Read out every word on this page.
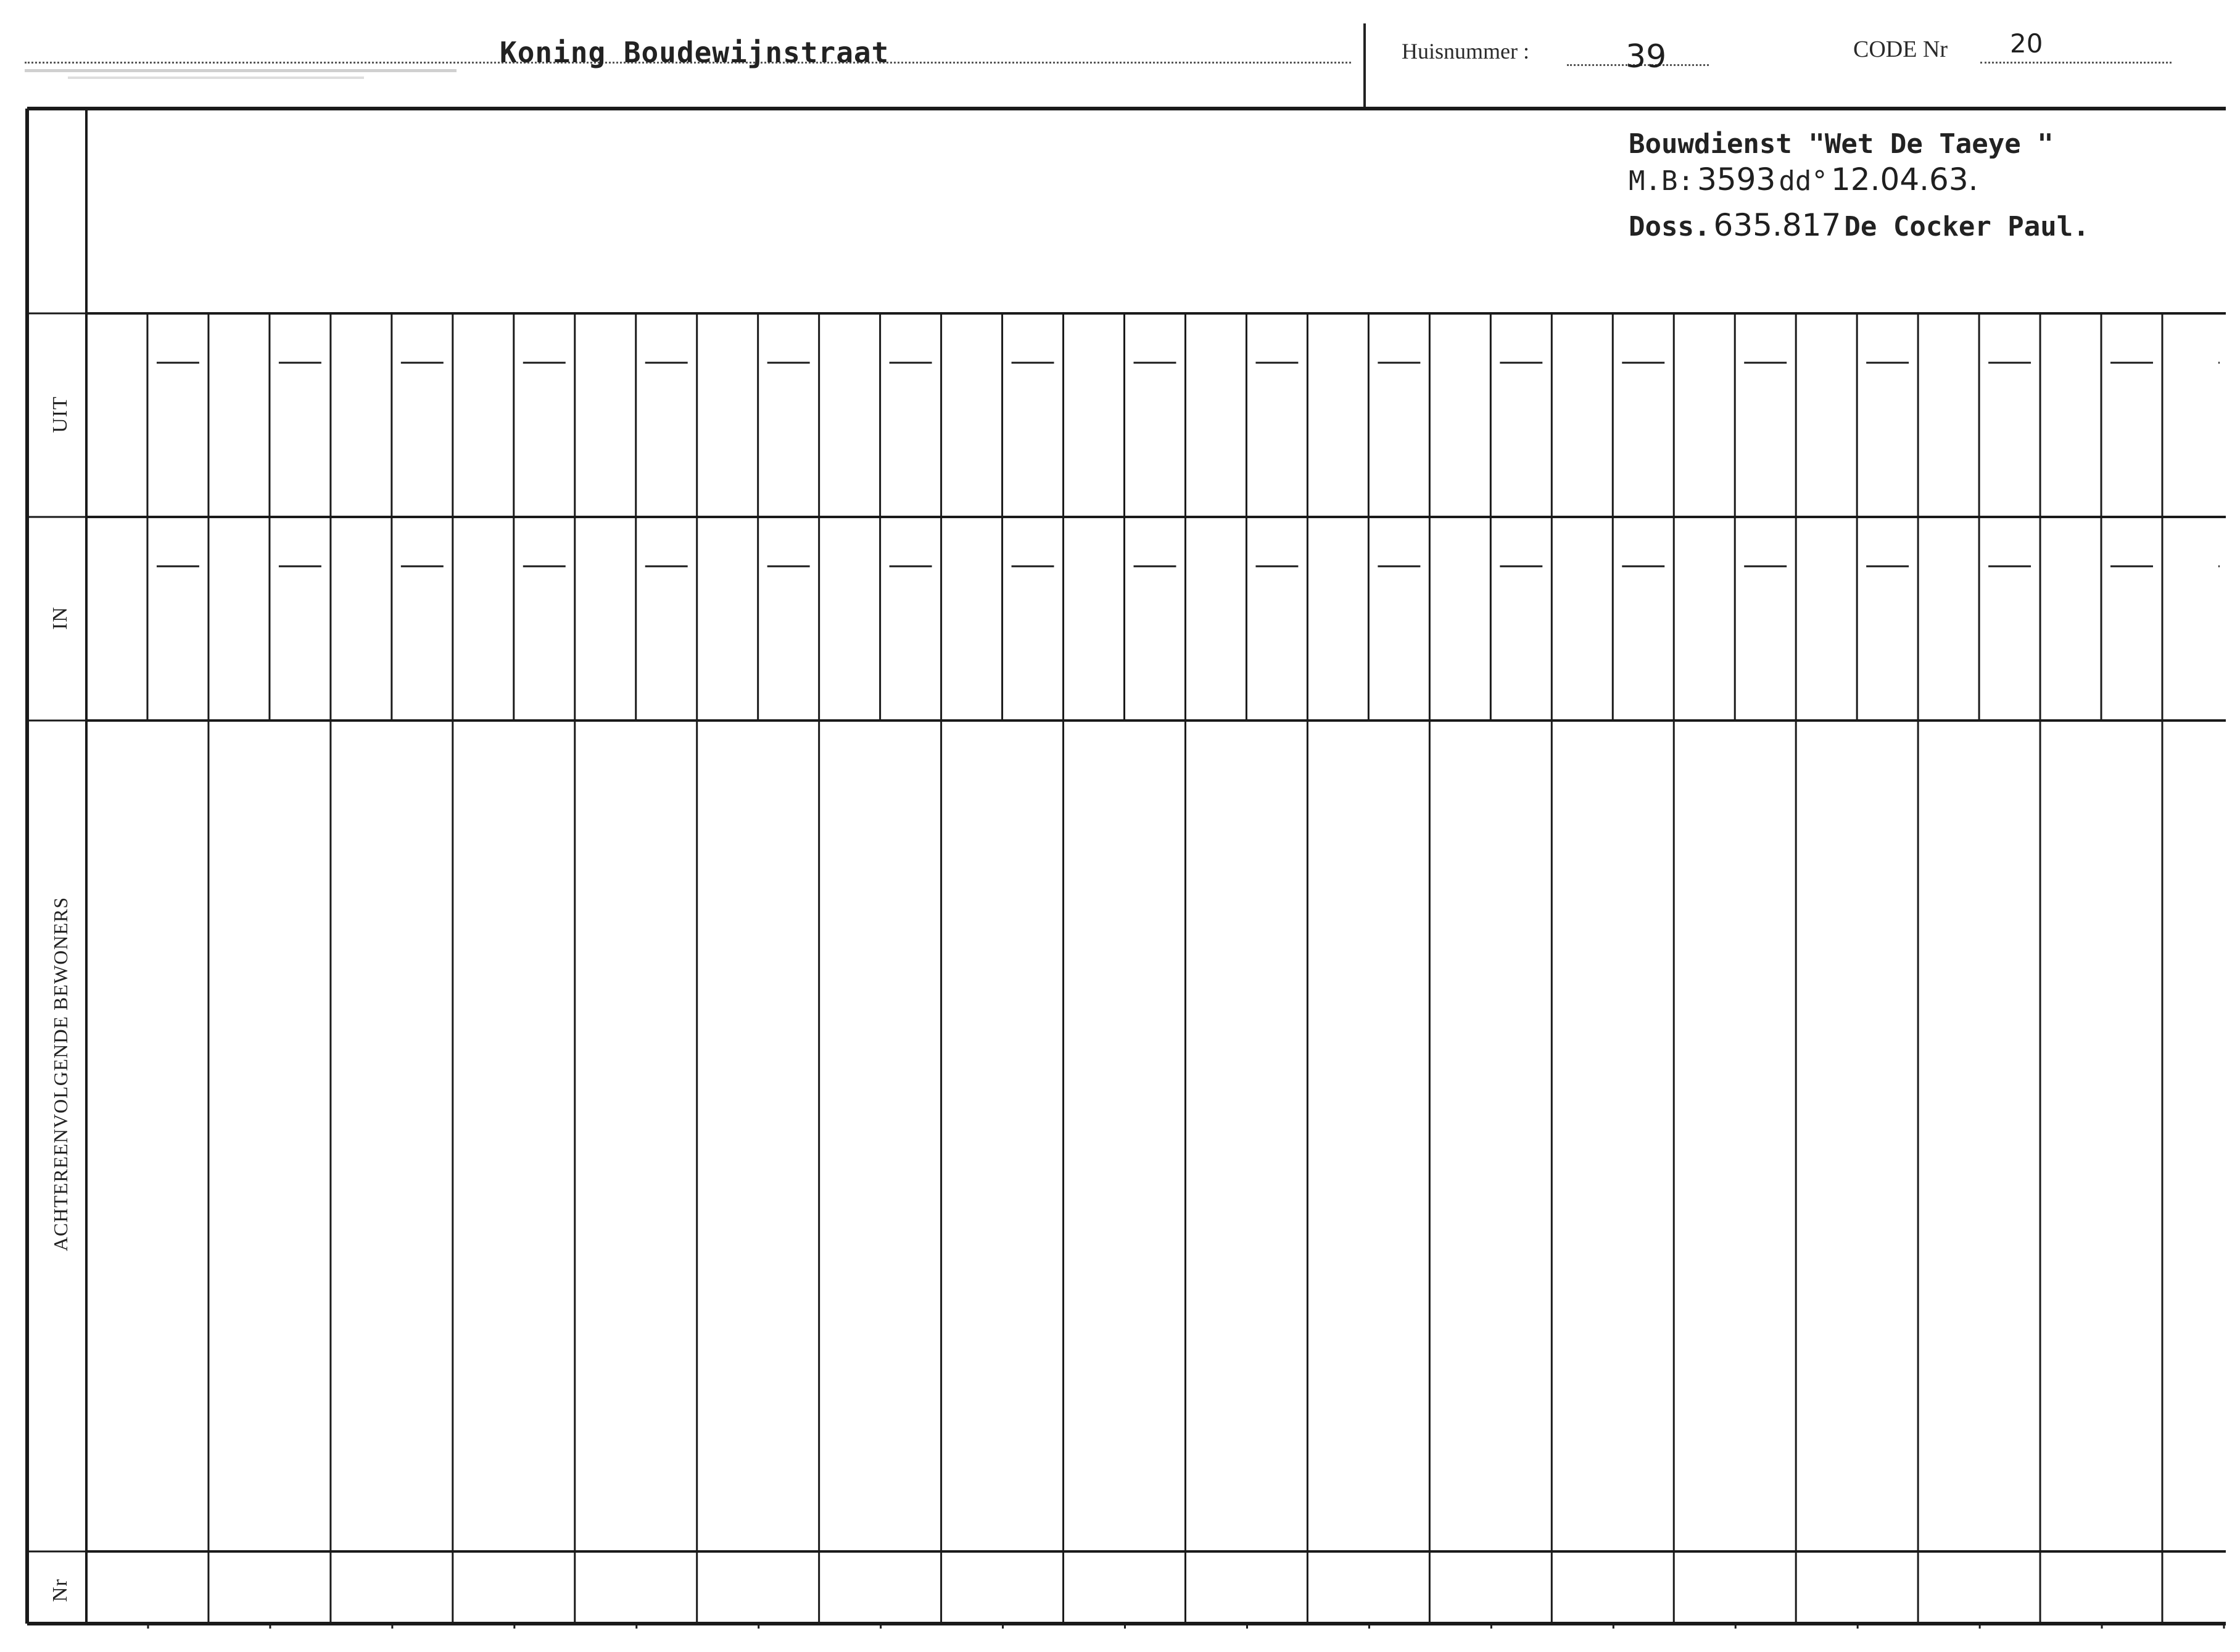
Koning Boudewijnstraat	Huisnummer :	39	CODE Nr 20
Bouwdienst "Wet De Taeye "
M.B: 3593 dd° 12.04.63.
Doss. 635.817 De Cocker Paul.
UIT
IN
ACHTEREENVOLGENDE BEWONERS
Nr
